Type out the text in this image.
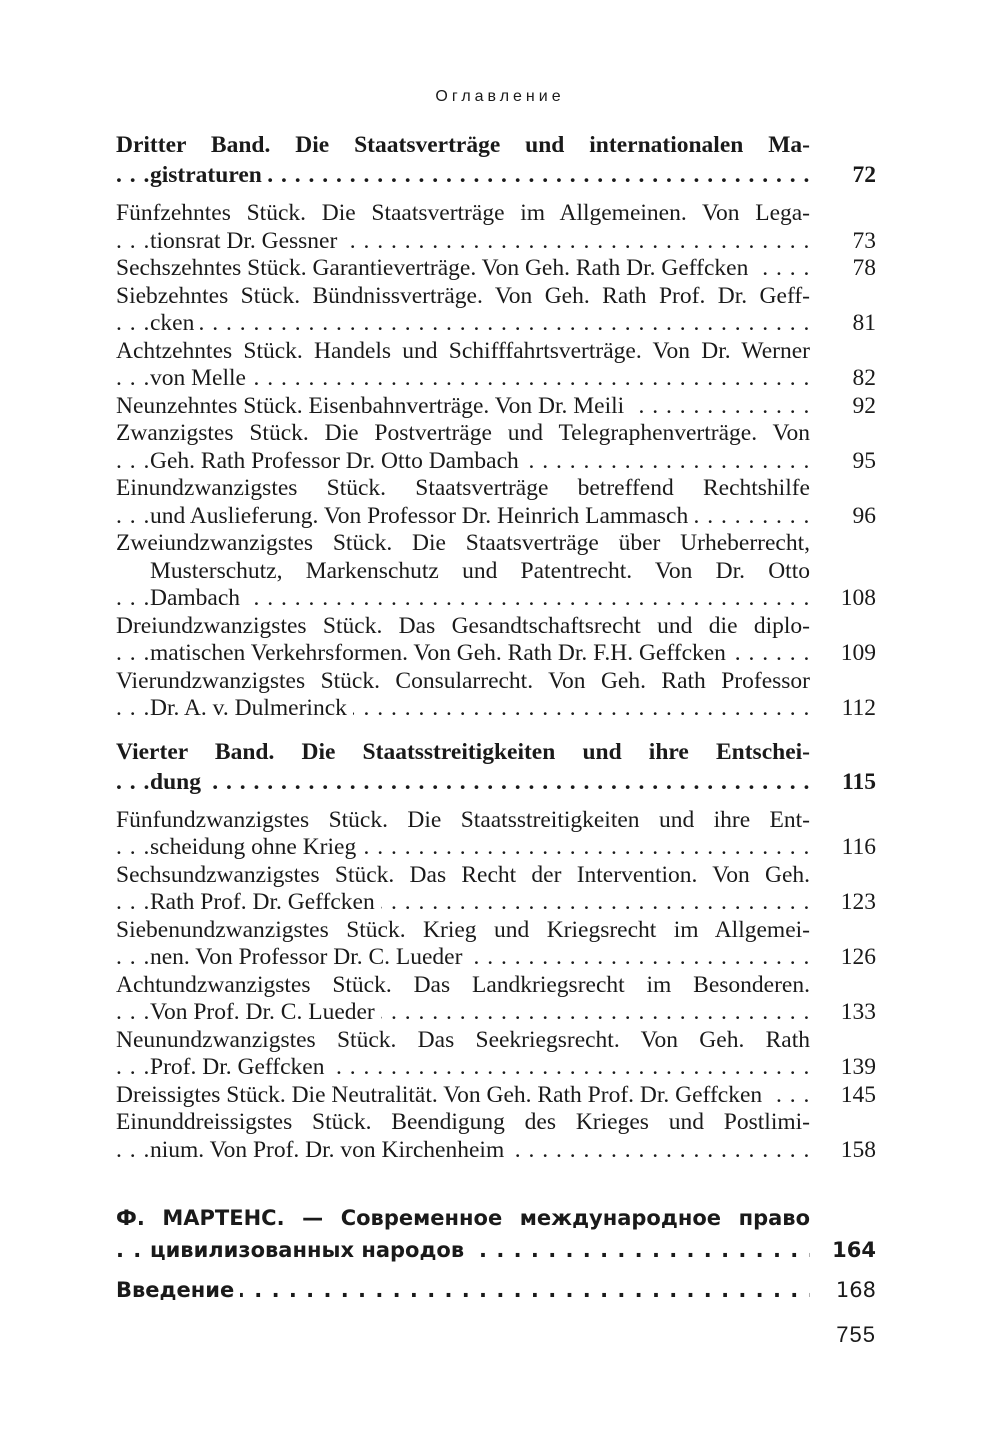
Оглавление
Dritter Band. Die Staatsverträge und internationalen Ma-
gistraturen . . .	72
Fünfzehntes Stück. Die Staatsverträge im Allgemeinen. Von Lega-
tionsrat Dr. Gessner . . .	73
Sechszehntes Stück. Garantieverträge. Von Geh. Rath Dr. Geffcken . . .	78
Siebzehntes Stück. Bündnissverträge. Von Geh. Rath Prof. Dr. Geff-
cken . . .	81
Achtzehntes Stück. Handels und Schifffahrtsverträge. Von Dr. Werner
von Melle . . .	82
Neunzehntes Stück. Eisenbahnverträge. Von Dr. Meili . . .	92
Zwanzigstes Stück. Die Postverträge und Telegraphenverträge. Von
Geh. Rath Professor Dr. Otto Dambach . . .	95
Einundzwanzigstes Stück. Staatsverträge betreffend Rechtshilfe
und Auslieferung. Von Professor Dr. Heinrich Lammasch . . .	96
Zweiundzwanzigstes Stück. Die Staatsverträge über Urheberrecht,
Musterschutz, Markenschutz und Patentrecht. Von Dr. Otto
Dambach . . .	108
Dreiundzwanzigstes Stück. Das Gesandtschaftsrecht und die diplo-
matischen Verkehrsformen. Von Geh. Rath Dr. F.H. Geffcken . . .	109
Vierundzwanzigstes Stück. Consularrecht. Von Geh. Rath Professor
Dr. A. v. Dulmerinck . . .	112
Vierter Band. Die Staatsstreitigkeiten und ihre Entschei-
dung . . .	115
Fünfundzwanzigstes Stück. Die Staatsstreitigkeiten und ihre Ent-
scheidung ohne Krieg . . .	116
Sechsundzwanzigstes Stück. Das Recht der Intervention. Von Geh.
Rath Prof. Dr. Geffcken . . .	123
Siebenundzwanzigstes Stück. Krieg und Kriegsrecht im Allgemei-
nen. Von Professor Dr. C. Lueder . . .	126
Achtundzwanzigstes Stück. Das Landkriegsrecht im Besonderen.
Von Prof. Dr. C. Lueder . . .	133
Neunundzwanzigstes Stück. Das Seekriegsrecht. Von Geh. Rath
Prof. Dr. Geffcken . . .	139
Dreissigtes Stück. Die Neutralität. Von Geh. Rath Prof. Dr. Geffcken . . .	145
Einunddreissigstes Stück. Beendigung des Krieges und Postlimi-
nium. Von Prof. Dr. von Kirchenheim . . .	158
Ф. МАРТЕНС. — Современное международное право
цивилизованных народов . . .	164
Введение . . .	168
755
